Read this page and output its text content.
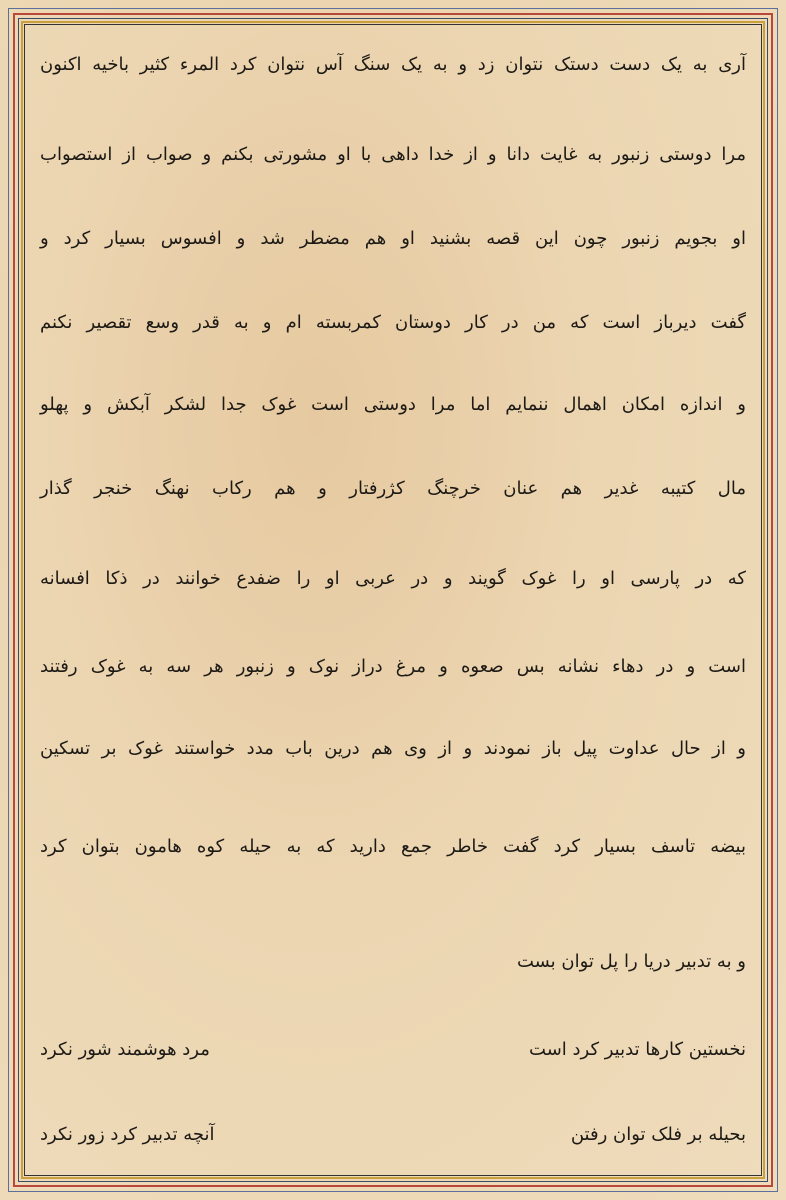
آری به یک دست دستک نتوان زد و به یک سنگ آس نتوان کرد المرء کثیر باخیه اکنون
مرا دوستی زنبور به غایت دانا و از خدا داهی با او مشورتی بکنم و صواب از استصواب
او بجویم زنبور چون این قصه بشنید او هم مضطر شد و افسوس بسیار کرد و
گفت دیرباز است که من در کار دوستان کمربسته ام و به قدر وسع تقصیر نکنم
و اندازه امکان اهمال ننمایم اما مرا دوستی است غوک جدا لشکر آبکش و پهلو
مال کتیبه غدیر هم عنان خرچنگ کژرفتار و هم رکاب نهنگ خنجر گذار
که در پارسی او را غوک گویند و در عربی او را ضفدع خوانند در ذکا افسانه
است و در دهاء نشانه بس صعوه و مرغ دراز نوک و زنبور هر سه به غوک رفتند
و از حال عداوت پیل باز نمودند و از وی هم درین باب مدد خواستند غوک بر تسکین
بیضه تاسف بسیار کرد گفت خاطر جمع دارید که به حیله کوه هامون بتوان کرد
و به تدبیر دریا را پل توان بست
نخستین کارها تدبیر کرد است
مرد هوشمند شور نکرد
بحیله بر فلک توان رفتن
آنچه تدبیر کرد زور نکرد
